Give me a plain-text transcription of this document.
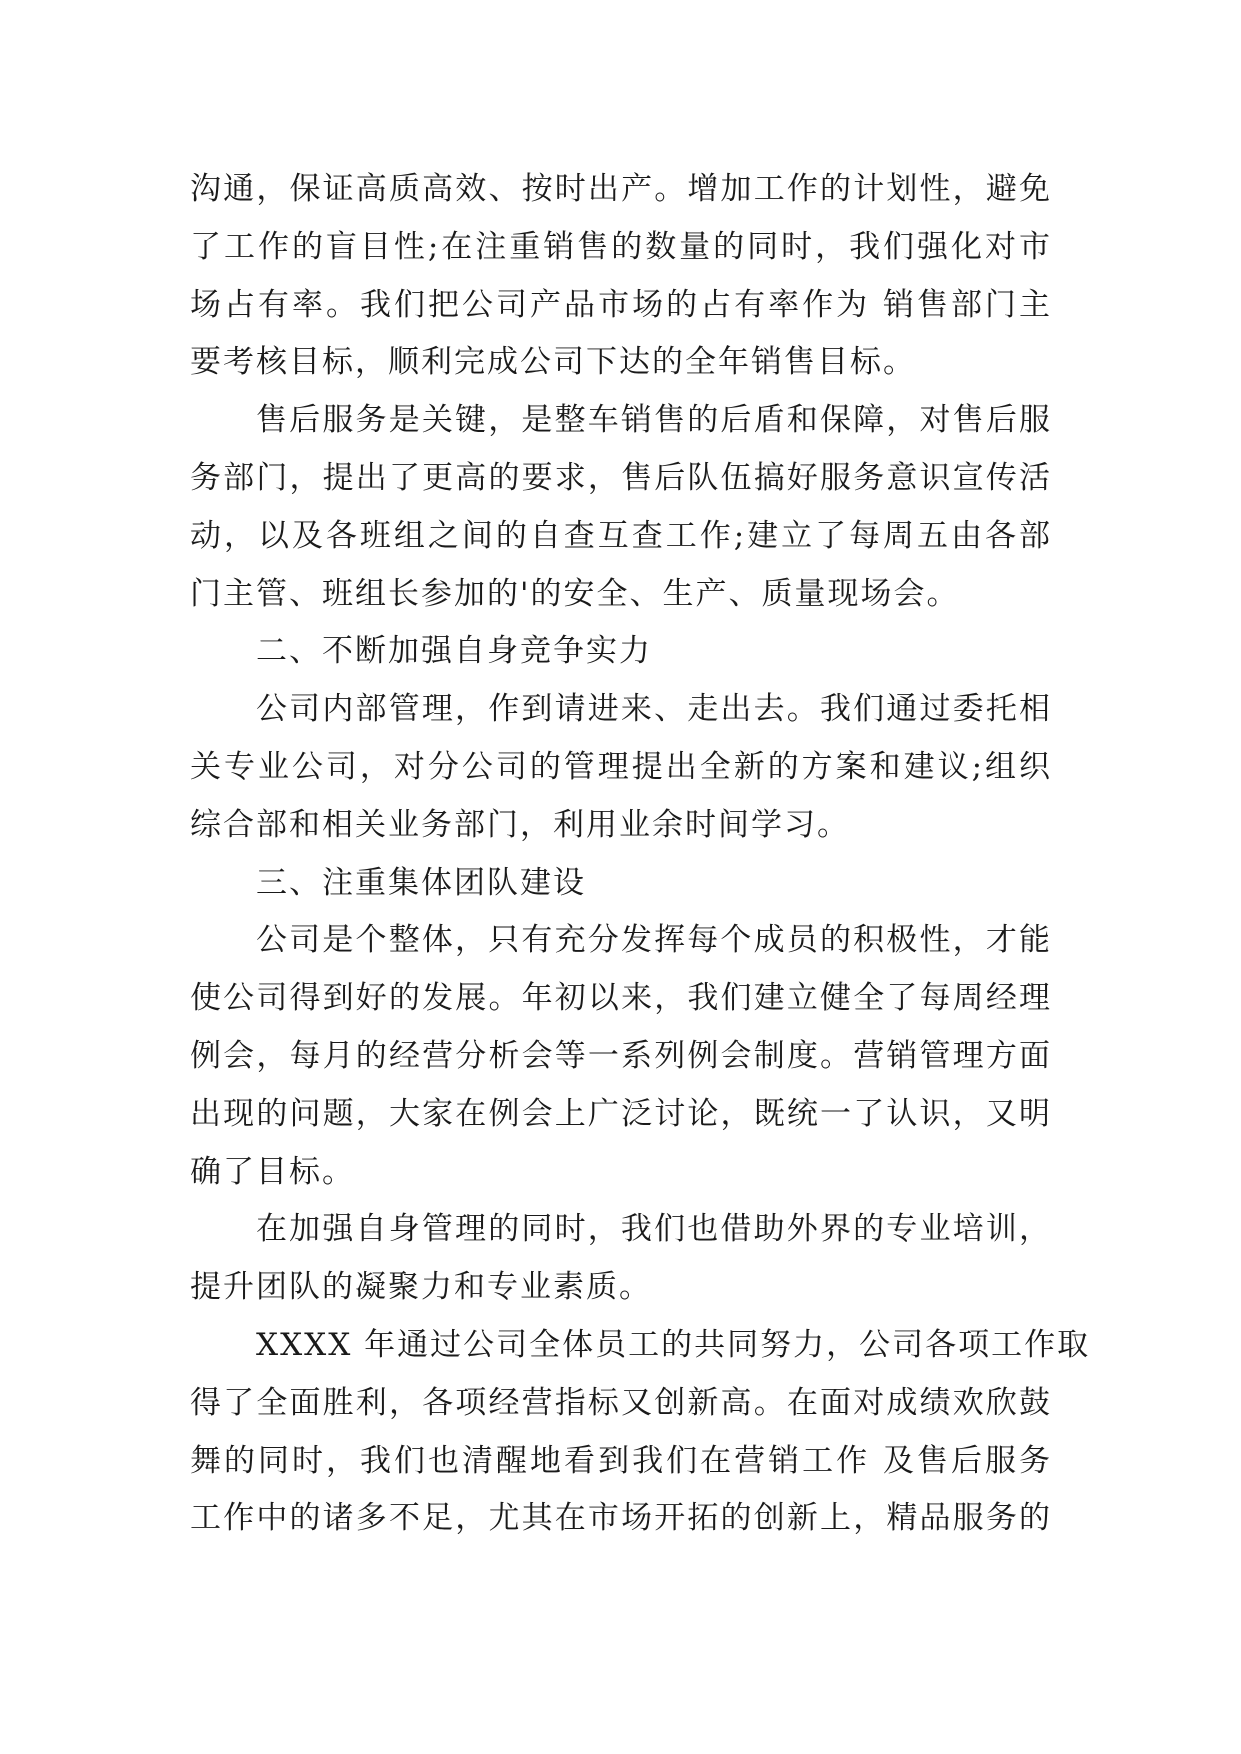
沟通，保证高质高效、按时出产。增加工作的计划性，避免
了工作的盲目性;在注重销售的数量的同时，我们强化对市
场占有率。我们把公司产品市场的占有率作为 销售部门主
要考核目标，顺利完成公司下达的全年销售目标。
售后服务是关键，是整车销售的后盾和保障，对售后服
务部门，提出了更高的要求，售后队伍搞好服务意识宣传活
动，以及各班组之间的自查互查工作;建立了每周五由各部
门主管、班组长参加的'的安全、生产、质量现场会。
二、不断加强自身竞争实力
公司内部管理，作到请进来、走出去。我们通过委托相
关专业公司，对分公司的管理提出全新的方案和建议;组织
综合部和相关业务部门，利用业余时间学习。
三、注重集体团队建设
公司是个整体，只有充分发挥每个成员的积极性，才能
使公司得到好的发展。年初以来，我们建立健全了每周经理
例会，每月的经营分析会等一系列例会制度。营销管理方面
出现的问题，大家在例会上广泛讨论，既统一了认识，又明
确了目标。
在加强自身管理的同时，我们也借助外界的专业培训，
提升团队的凝聚力和专业素质。
XXXX 年通过公司全体员工的共同努力，公司各项工作取
得了全面胜利，各项经营指标又创新高。在面对成绩欢欣鼓
舞的同时，我们也清醒地看到我们在营销工作 及售后服务
工作中的诸多不足，尤其在市场开拓的创新上，精品服务的
